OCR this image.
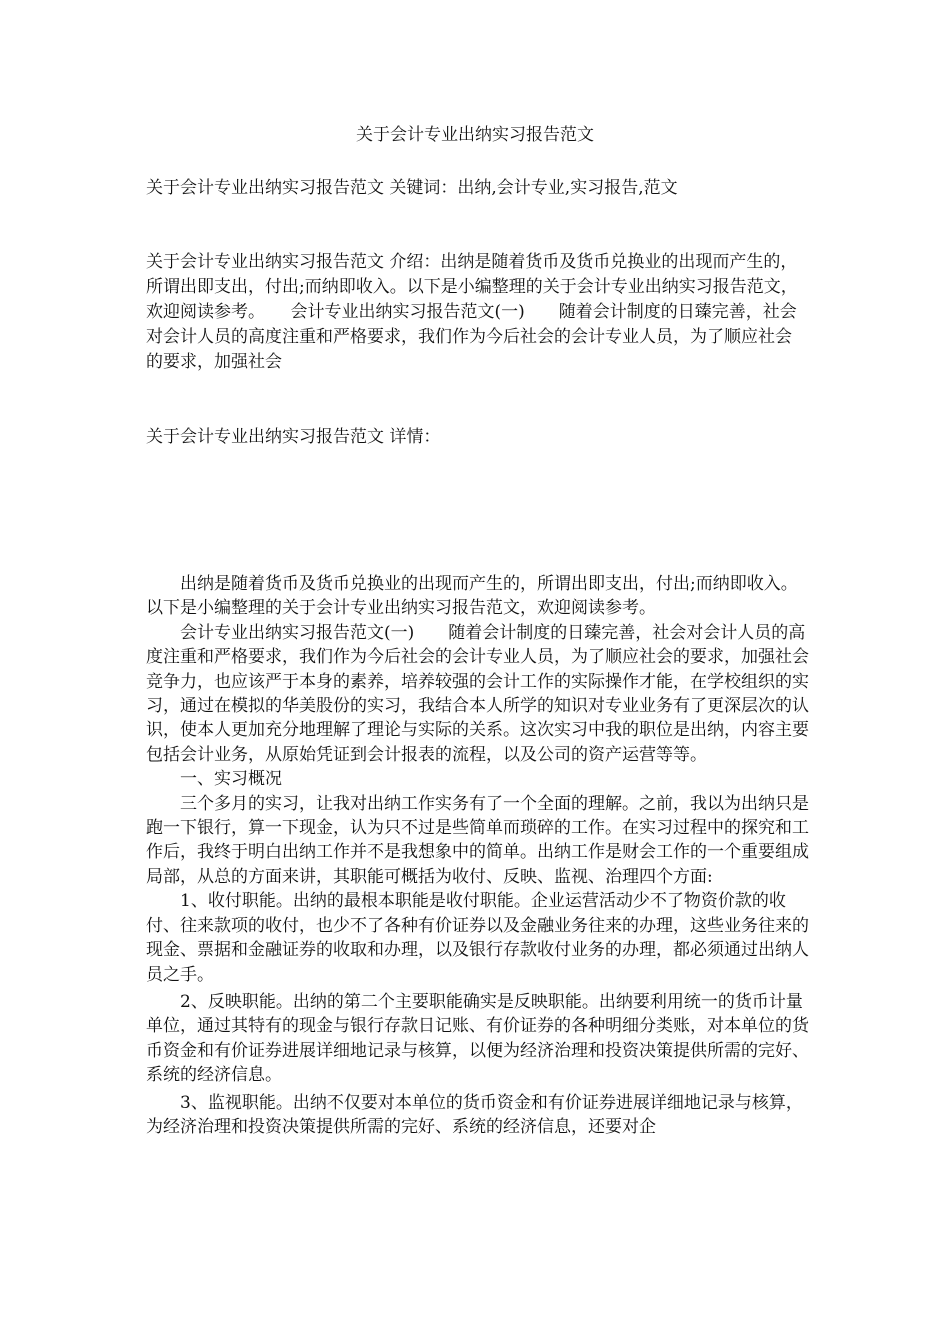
关于会计专业出纳实习报告范文
关于会计专业出纳实习报告范文 关键词：出纳,会计专业,实习报告,范文
关于会计专业出纳实习报告范文 介绍：出纳是随着货币及货币兑换业的出现而产生的，所谓出即支出，付出;而纳即收入。以下是小编整理的关于会计专业出纳实习报告范文，欢迎阅读参考。　　会计专业出纳实习报告范文(一)　　随着会计制度的日臻完善，社会对会计人员的高度注重和严格要求，我们作为今后社会的会计专业人员，为了顺应社会的要求，加强社会
关于会计专业出纳实习报告范文 详情：

出纳是随着货币及货币兑换业的出现而产生的，所谓出即支出，付出;而纳即收入。以下是小编整理的关于会计专业出纳实习报告范文，欢迎阅读参考。

会计专业出纳实习报告范文(一)　　随着会计制度的日臻完善，社会对会计人员的高度注重和严格要求，我们作为今后社会的会计专业人员，为了顺应社会的要求，加强社会竞争力，也应该严于本身的素养，培养较强的会计工作的实际操作才能，在学校组织的实习，通过在模拟的华美股份的实习，我结合本人所学的知识对专业业务有了更深层次的认识，使本人更加充分地理解了理论与实际的关系。这次实习中我的职位是出纳，内容主要包括会计业务，从原始凭证到会计报表的流程，以及公司的资产运营等等。

一、实习概况

三个多月的实习，让我对出纳工作实务有了一个全面的理解。之前，我以为出纳只是跑一下银行，算一下现金，认为只不过是些简单而琐碎的工作。在实习过程中的探究和工作后，我终于明白出纳工作并不是我想象中的简单。出纳工作是财会工作的一个重要组成局部，从总的方面来讲，其职能可概括为收付、反映、监视、治理四个方面:

1、收付职能。出纳的最根本职能是收付职能。企业运营活动少不了物资价款的收付、往来款项的收付，也少不了各种有价证券以及金融业务往来的办理，这些业务往来的现金、票据和金融证券的收取和办理，以及银行存款收付业务的办理，都必须通过出纳人员之手。

2、反映职能。出纳的第二个主要职能确实是反映职能。出纳要利用统一的货币计量单位，通过其特有的现金与银行存款日记账、有价证券的各种明细分类账，对本单位的货币资金和有价证券进展详细地记录与核算，以便为经济治理和投资决策提供所需的完好、系统的经济信息。

3、监视职能。出纳不仅要对本单位的货币资金和有价证券进展详细地记录与核算，为经济治理和投资决策提供所需的完好、系统的经济信息，还要对企
